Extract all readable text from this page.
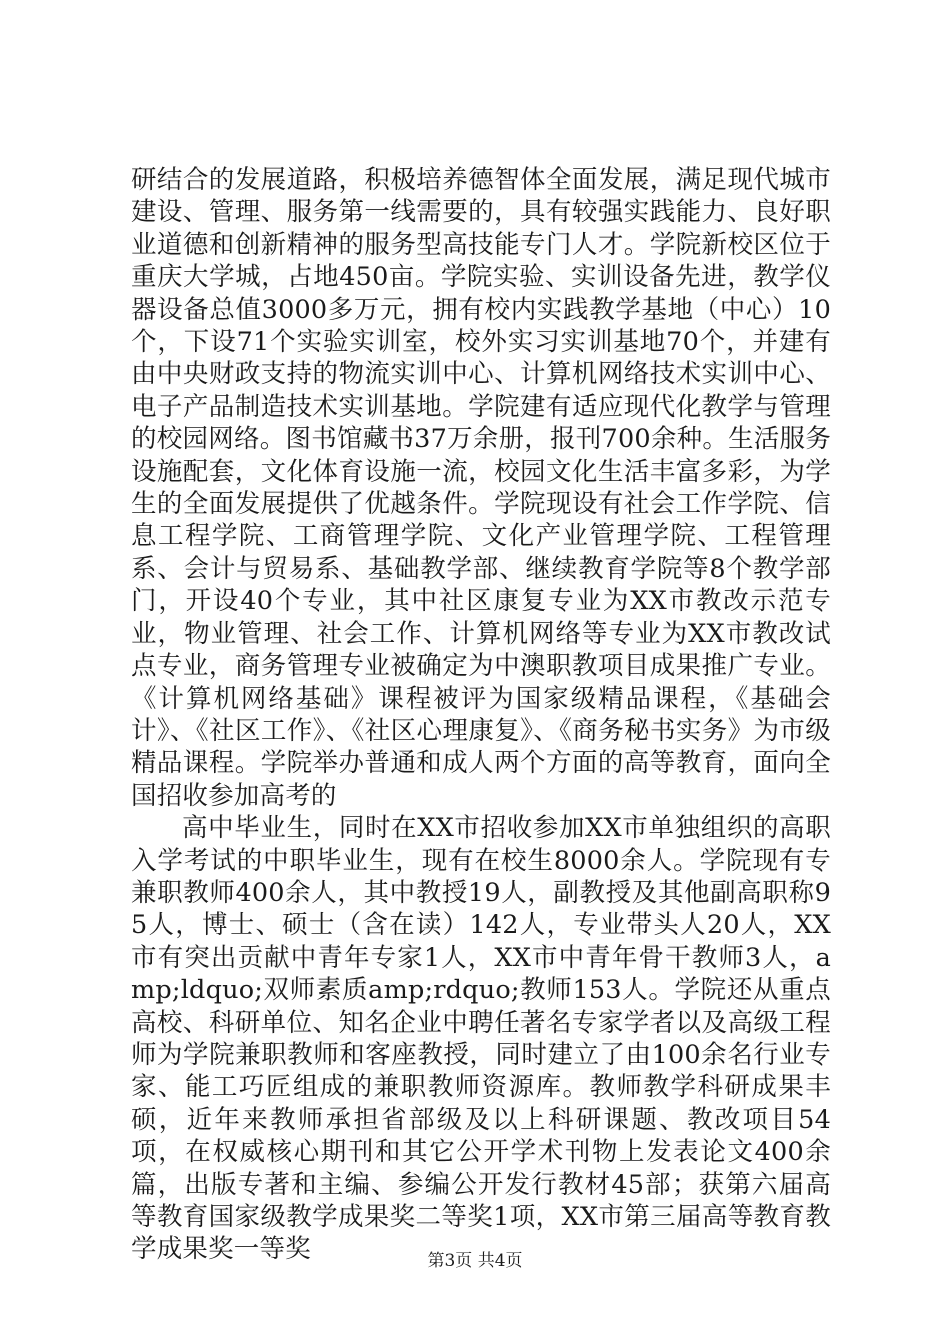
研结合的发展道路，积极培养德智体全面发展，满足现代城市建设、管理、服务第一线需要的，具有较强实践能力、良好职业道德和创新精神的服务型高技能专门人才。学院新校区位于重庆大学城，占地450亩。学院实验、实训设备先进，教学仪器设备总值3000多万元，拥有校内实践教学基地（中心）10个，下设71个实验实训室，校外实习实训基地70个，并建有由中央财政支持的物流实训中心、计算机网络技术实训中心、电子产品制造技术实训基地。学院建有适应现代化教学与管理的校园网络。图书馆藏书37万余册，报刊700余种。生活服务设施配套，文化体育设施一流，校园文化生活丰富多彩，为学生的全面发展提供了优越条件。学院现设有社会工作学院、信息工程学院、工商管理学院、文化产业管理学院、工程管理系、会计与贸易系、基础教学部、继续教育学院等8个教学部门，开设40个专业，其中社区康复专业为XX市教改示范专业，物业管理、社会工作、计算机网络等专业为XX市教改试点专业，商务管理专业被确定为中澳职教项目成果推广专业。《计算机网络基础》课程被评为国家级精品课程，《基础会计》、《社区工作》、《社区心理康复》、《商务秘书实务》为市级精品课程。学院举办普通和成人两个方面的高等教育，面向全国招收参加高考的

高中毕业生，同时在XX市招收参加XX市单独组织的高职入学考试的中职毕业生，现有在校生8000余人。学院现有专兼职教师400余人，其中教授19人，副教授及其他副高职称95人，博士、硕士（含在读）142人，专业带头人20人，XX市有突出贡献中青年专家1人，XX市中青年骨干教师3人，amp;ldquo;双师素质amp;rdquo;教师153人。学院还从重点高校、科研单位、知名企业中聘任著名专家学者以及高级工程师为学院兼职教师和客座教授，同时建立了由100余名行业专家、能工巧匠组成的兼职教师资源库。教师教学科研成果丰硕，近年来教师承担省部级及以上科研课题、教改项目54项，在权威核心期刊和其它公开学术刊物上发表论文400余篇，出版专著和主编、参编公开发行教材45部；获第六届高等教育国家级教学成果奖二等奖1项，XX市第三届高等教育教学成果奖一等奖	第3页 共4页
